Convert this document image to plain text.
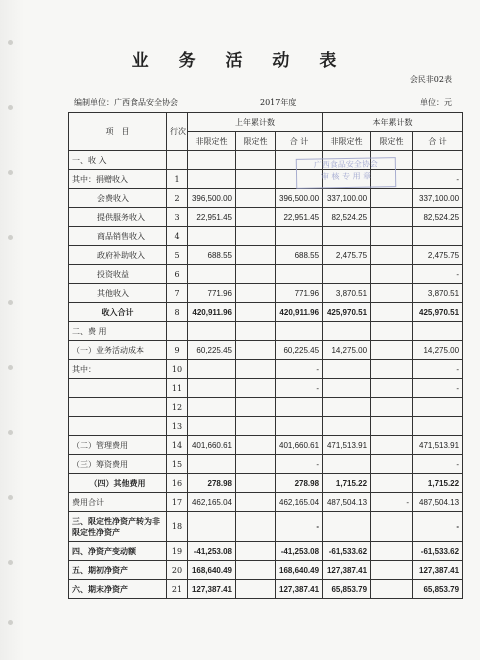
业 务 活 动 表
会民非02表
编制单位：广西食品安全协会	2017年度	单位：元
项　目	行次	上年累计数			本年累计数		
		非限定性	限定性	合 计	非限定性	限定性	合 计
一、收 入							
其中：捐赠收入	1						-
会费收入	2	396,500.00		396,500.00	337,100.00		337,100.00
提供服务收入	3	22,951.45		22,951.45	82,524.25		82,524.25
商品销售收入	4						
政府补助收入	5	688.55		688.55	2,475.75		2,475.75
投资收益	6						-
其他收入	7	771.96		771.96	3,870.51		3,870.51
收入合计	8	420,911.96		420,911.96	425,970.51		425,970.51
二、费 用							
（一）业务活动成本	9	60,225.45		60,225.45	14,275.00		14,275.00
其中：	10			-			-
	11			-			-
	12						
	13						
（二）管理费用	14	401,660.61		401,660.61	471,513.91		471,513.91
（三）筹资费用	15			-			-
（四）其他费用	16	278.98		278.98	1,715.22		1,715.22
费用合计	17	462,165.04		462,165.04	487,504.13	-	487,504.13
三、限定性净资产转为非限定性净资产	18			-			-
四、净资产变动额	19	-41,253.08		-41,253.08	-61,533.62		-61,533.62
五、期初净资产	20	168,640.49		168,640.49	127,387.41		127,387.41
六、期末净资产	21	127,387.41		127,387.41	65,853.79		65,853.79
广西食品安全协会
审 核 专 用 章
